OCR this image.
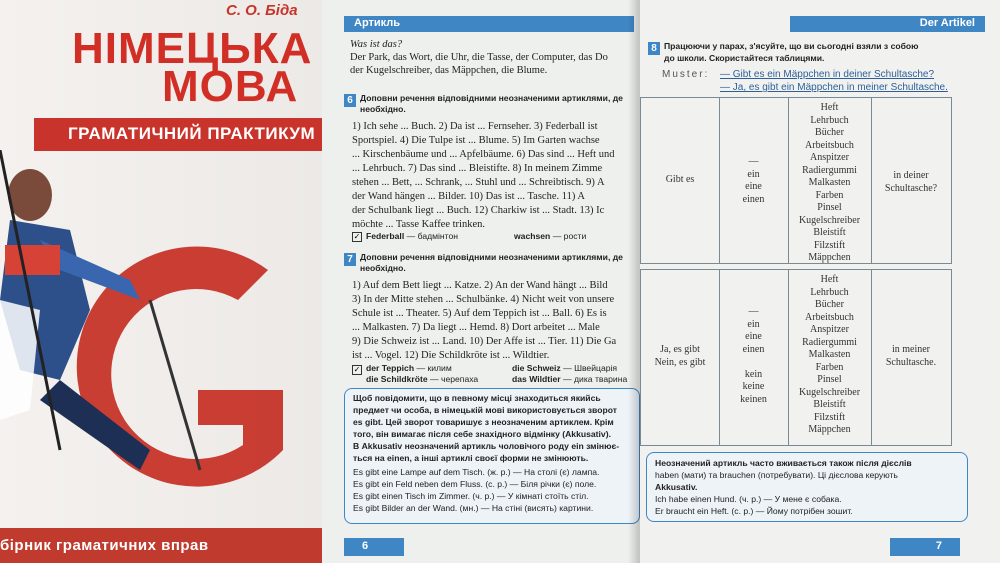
С. О. Біда
НІМЕЦЬКА
МОВА
ГРАМАТИЧНИЙ ПРАКТИКУМ
бірник граматичних вправ
Артикль
Was ist das?
Der Park, das Wort, die Uhr, die Tasse, der Computer, das Do
der Kugelschreiber, das Mäppchen, die Blume.
6 Доповни речення відповідними неозначеними артиклями, де
необхідно.
1) Ich sehe ... Buch. 2) Da ist ... Fernseher. 3) Federball ist
Sportspiel. 4) Die Tulpe ist ... Blume. 5) Im Garten wachse
... Kirschenbäume und ... Apfelbäume. 6) Das sind ... Heft und
... Lehrbuch. 7) Das sind ... Bleistifte. 8) In meinem Zimme
stehen ... Bett, ... Schrank, ... Stuhl und ... Schreibtisch. 9) A
der Wand hängen ... Bilder. 10) Das ist ... Tasche. 11) A
der Schulbank liegt ... Buch. 12) Charkiw ist ... Stadt. 13) Ic
möchte ... Tasse Kaffee trinken.
✓ Federball — бадмінтон	wachsen — рости
7 Доповни речення відповідними неозначеними артиклями, де
необхідно.
1) Auf dem Bett liegt ... Katze. 2) An der Wand hängt ... Bild
3) In der Mitte stehen ... Schulbänke. 4) Nicht weit von unsere
Schule ist ... Theater. 5) Auf dem Teppich ist ... Ball. 6) Es is
... Malkasten. 7) Da liegt ... Hemd. 8) Dort arbeitet ... Male
9) Die Schweiz ist ... Land. 10) Der Affe ist ... Tier. 11) Die Ga
ist ... Vogel. 12) Die Schildkröte ist ... Wildtier.
✓ der Teppich — килим
die Schildkröte — черепаха
die Schweiz — Швейцарія
das Wildtier — дика тварина
Щоб повідомити, що в певному місці знаходиться якийсь
предмет чи особа, в німецькій мові використовується зворот
es gibt. Цей зворот товаришує з неозначеним артиклем. Крім
того, він вимагає після себе знахідного відмінку (Akkusativ).
В Akkusativ неозначений артикль чоловічого роду ein змінює-
ться на einen, а інші артиклі своєї форми не змінюють.
Es gibt eine Lampe auf dem Tisch. (ж. р.) — На столі (є) лампа.
Es gibt ein Feld neben dem Fluss. (с. р.) — Біля річки (є) поле.
Es gibt einen Tisch im Zimmer. (ч. р.) — У кімнаті стоїть стіл.
Es gibt Bilder an der Wand. (мн.) — На стіні (висять) картини.
6
Der Artikel
8 Працюючи у парах, з'ясуйте, що ви сьогодні взяли з собою
до школи. Скористайтеся таблицями.
Muster: — Gibt es ein Mäppchen in deiner Schultasche?
— Ja, es gibt ein Mäppchen in meiner Schultasche.
Gibt es
—
ein
eine
einen
Heft
Lehrbuch
Bücher
Arbeitsbuch
Anspitzer
Radiergummi
Malkasten
Farben
Pinsel
Kugelschreiber
Bleistift
Filzstift
Mäppchen
in deiner
Schultasche?
Ja, es gibt
Nein, es gibt
—
ein
eine
einen

kein
keine
keinen
Heft
Lehrbuch
Bücher
Arbeitsbuch
Anspitzer
Radiergummi
Malkasten
Farben
Pinsel
Kugelschreiber
Bleistift
Filzstift
Mäppchen
in meiner
Schultasche.
Неозначений артикль часто вживається також після дієслів
haben (мати) та brauchen (потребувати). Ці дієслова керують
Akkusativ.
Ich habe einen Hund. (ч. р.) — У мене є собака.
Er braucht ein Heft. (с. р.) — Йому потрібен зошит.
7
